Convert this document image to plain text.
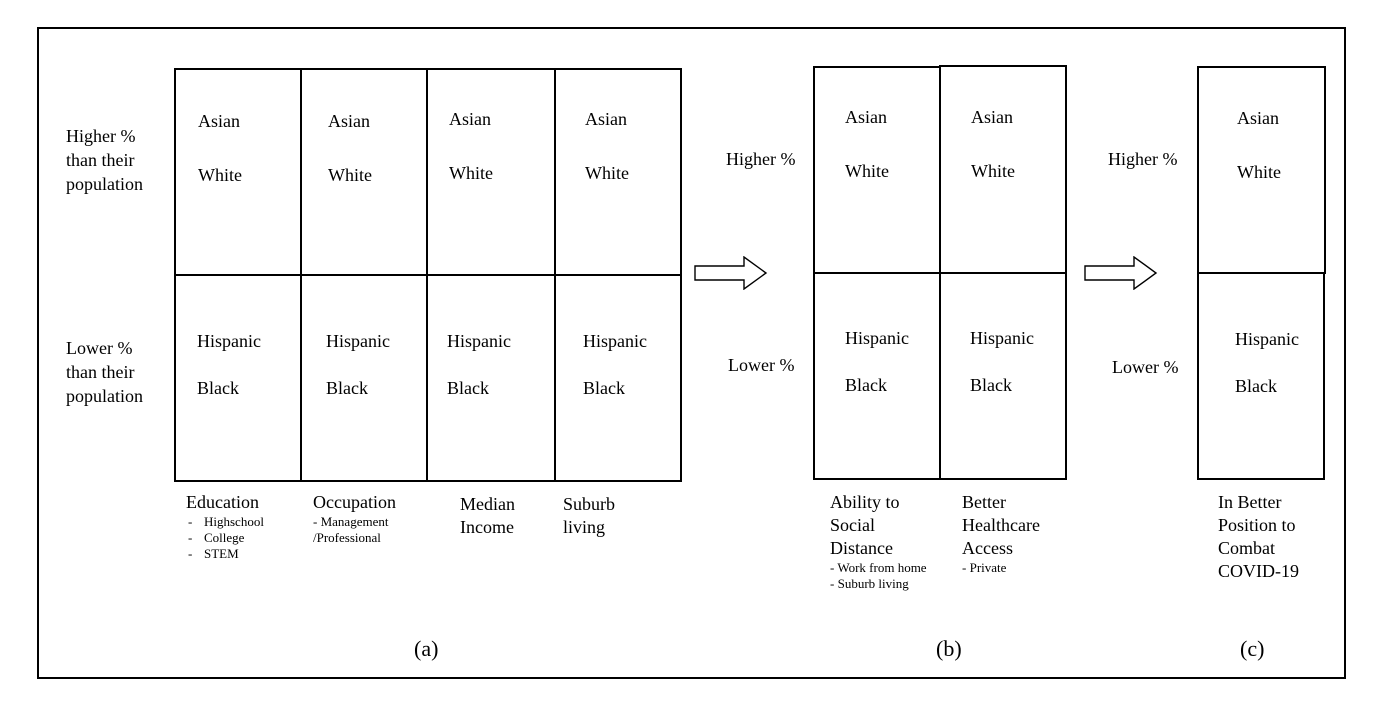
Higher % than their population
Lower % than their population
Asian
White
Hispanic
Black
Asian
White
Hispanic
Black
Asian
White
Hispanic
Black
Asian
White
Hispanic
Black
Education
- Highschool
- College
- STEM
Occupation
- Management /Professional
Median Income
Suburb living
(a)
Higher %
Lower %
Asian
White
Hispanic
Black
Asian
White
Hispanic
Black
Ability to Social Distance
- Work from home
- Suburb living
Better Healthcare Access
- Private
(b)
Higher %
Lower %
Asian
White
Hispanic
Black
In Better Position to Combat COVID-19
(c)
